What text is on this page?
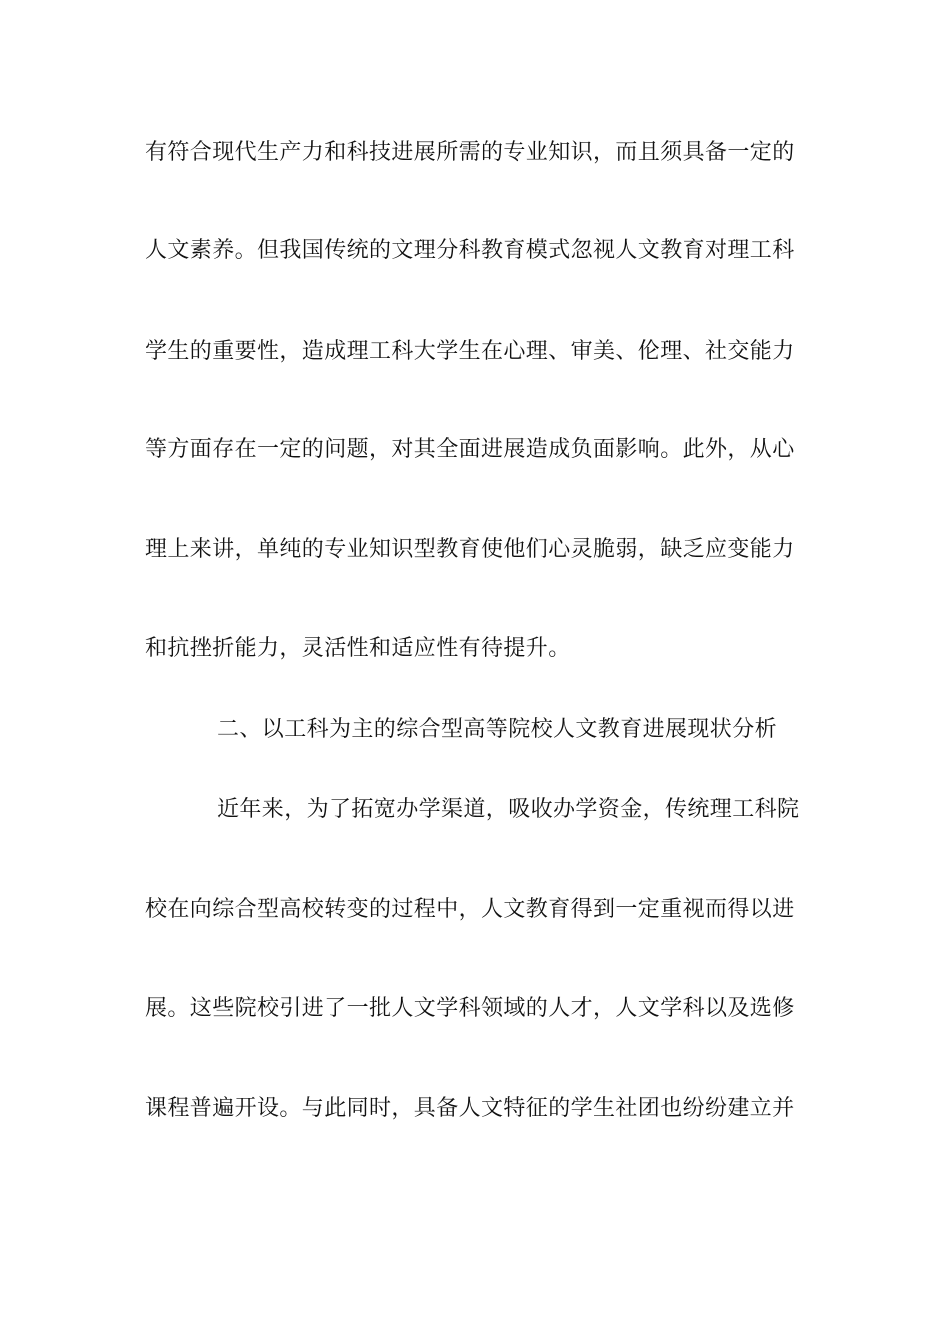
有符合现代生产力和科技进展所需的专业知识，而且须具备一定的
人文素养。但我国传统的文理分科教育模式忽视人文教育对理工科
学生的重要性，造成理工科大学生在心理、审美、伦理、社交能力
等方面存在一定的问题，对其全面进展造成负面影响。此外，从心
理上来讲，单纯的专业知识型教育使他们心灵脆弱，缺乏应变能力
和抗挫折能力，灵活性和适应性有待提升。
二、以工科为主的综合型高等院校人文教育进展现状分析
近年来，为了拓宽办学渠道，吸收办学资金，传统理工科院
校在向综合型高校转变的过程中，人文教育得到一定重视而得以进
展。这些院校引进了一批人文学科领域的人才，人文学科以及选修
课程普遍开设。与此同时，具备人文特征的学生社团也纷纷建立并
